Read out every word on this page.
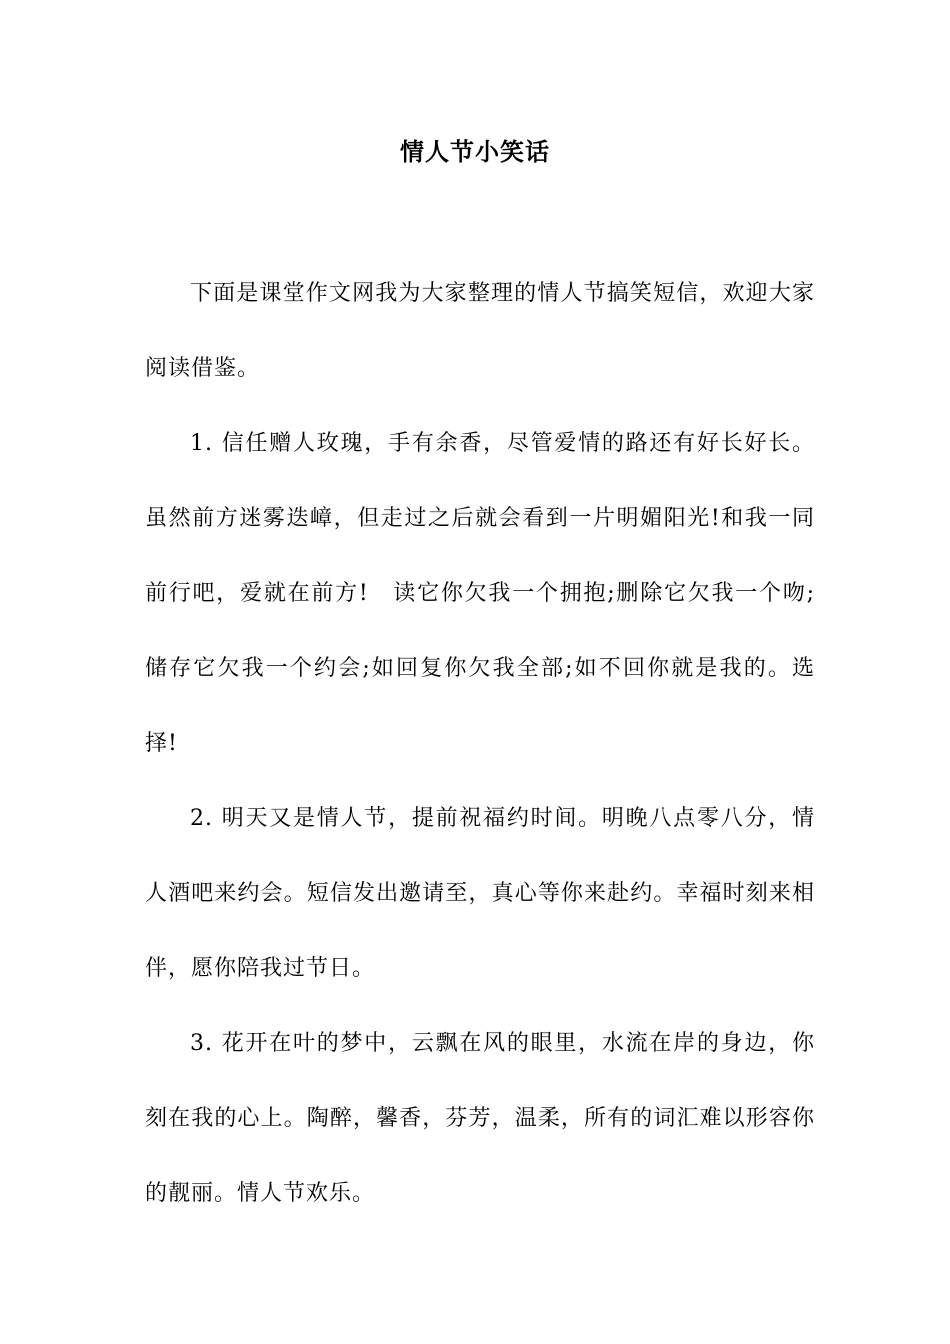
情人节小笑话

下面是课堂作文网我为大家整理的情人节搞笑短信，欢迎大家阅读借鉴。

1. 信任赠人玫瑰，手有余香，尽管爱情的路还有好长好长。虽然前方迷雾迭嶂，但走过之后就会看到一片明媚阳光!和我一同前行吧，爱就在前方!　读它你欠我一个拥抱;删除它欠我一个吻;储存它欠我一个约会;如回复你欠我全部;如不回你就是我的。选择!

2. 明天又是情人节，提前祝福约时间。明晚八点零八分，情人酒吧来约会。短信发出邀请至，真心等你来赴约。幸福时刻来相伴，愿你陪我过节日。

3. 花开在叶的梦中，云飘在风的眼里，水流在岸的身边，你刻在我的心上。陶醉，馨香，芬芳，温柔，所有的词汇难以形容你的靓丽。情人节欢乐。
